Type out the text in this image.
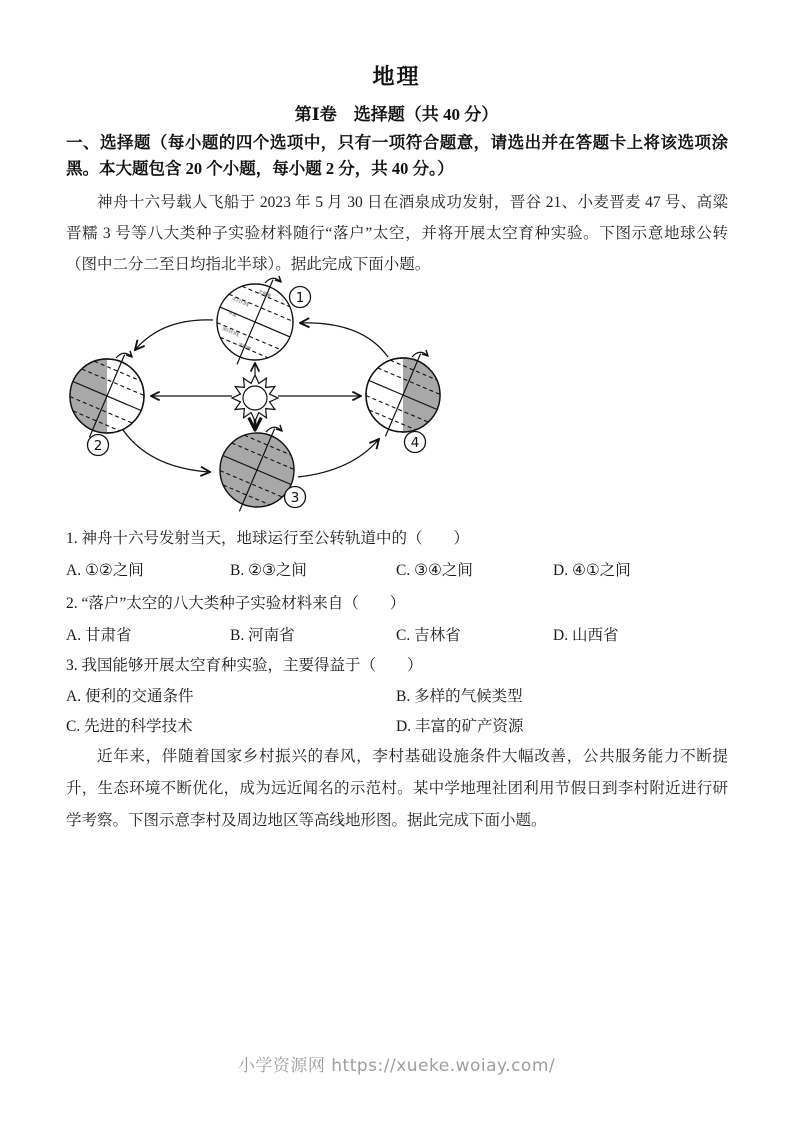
地理
第Ⅰ卷　选择题（共 40 分）
一、选择题（每小题的四个选项中，只有一项符合题意，请选出并在答题卡上将该选项涂黑。本大题包含 20 个小题，每小题 2 分，共 40 分。）
神舟十六号载人飞船于 2023 年 5 月 30 日在酒泉成功发射，晋谷 21、小麦晋麦 47 号、高粱晋糯 3 号等八大类种子实验材料随行“落户”太空，并将开展太空育种实验。下图示意地球公转（图中二分二至日均指北半球）。据此完成下面小题。
北极圈
北回归线
赤道
南回归线
南极圈
1
2
3
4
1. 神舟十六号发射当天，地球运行至公转轨道中的（　　）
A. ①②之间	B. ②③之间	C. ③④之间	D. ④①之间
2. “落户”太空的八大类种子实验材料来自（　　）
A. 甘肃省	B. 河南省	C. 吉林省	D. 山西省
3. 我国能够开展太空育种实验，主要得益于（　　）
A. 便利的交通条件	B. 多样的气候类型
C. 先进的科学技术	D. 丰富的矿产资源
近年来，伴随着国家乡村振兴的春风，李村基础设施条件大幅改善，公共服务能力不断提升，生态环境不断优化，成为远近闻名的示范村。某中学地理社团利用节假日到李村附近进行研学考察。下图示意李村及周边地区等高线地形图。据此完成下面小题。
小学资源网 https://xueke.woiay.com/
